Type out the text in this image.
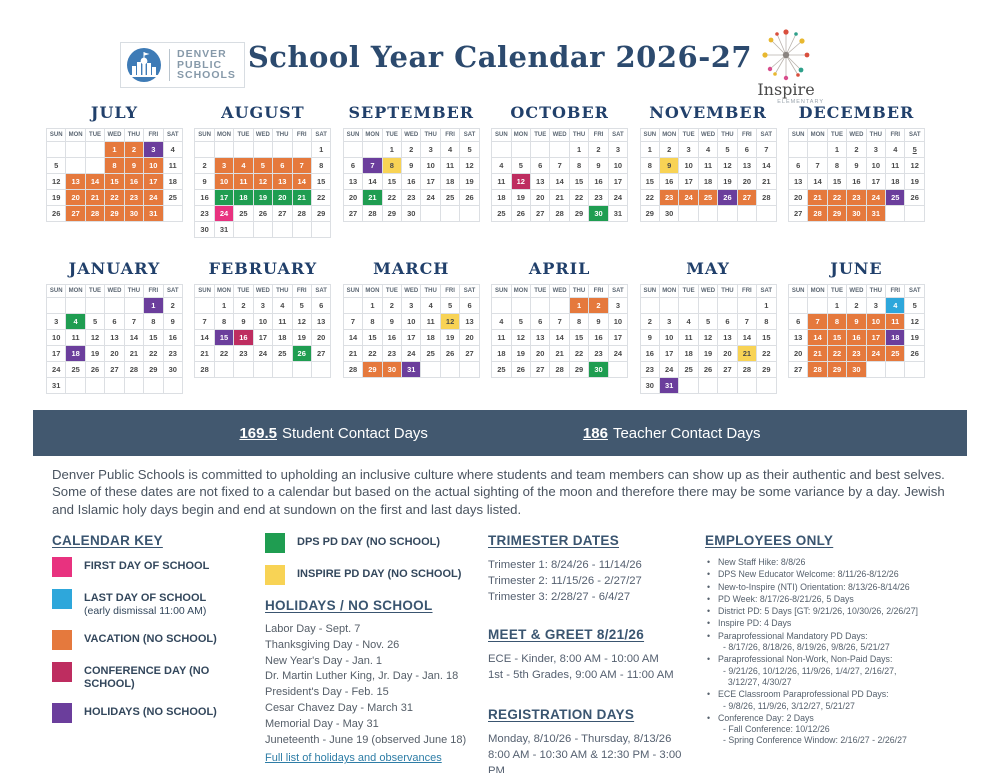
DENVER
PUBLIC
SCHOOLS
School Year Calendar 2026-27
Inspire
ELEMENTARY
JULY
SUN	MON	TUE	WED	THU	FRI	SAT
			1	2	3	4
5			8	9	10	11
12	13	14	15	16	17	18
19	20	21	22	23	24	25
26	27	28	29	30	31	
AUGUST
SUN	MON	TUE	WED	THU	FRI	SAT
						1
2	3	4	5	6	7	8
9	10	11	12	13	14	15
16	17	18	19	20	21	22
23	24	25	26	27	28	29
30	31					
SEPTEMBER
SUN	MON	TUE	WED	THU	FRI	SAT
		1	2	3	4	5
6	7	8	9	10	11	12
13	14	15	16	17	18	19
20	21	22	23	24	25	26
27	28	29	30			
OCTOBER
SUN	MON	TUE	WED	THU	FRI	SAT
				1	2	3
4	5	6	7	8	9	10
11	12	13	14	15	16	17
18	19	20	21	22	23	24
25	26	27	28	29	30	31
NOVEMBER
SUN	MON	TUE	WED	THU	FRI	SAT
1	2	3	4	5	6	7
8	9	10	11	12	13	14
15	16	17	18	19	20	21
22	23	24	25	26	27	28
29	30					
DECEMBER
SUN	MON	TUE	WED	THU	FRI	SAT
		1	2	3	4	5
6	7	8	9	10	11	12
13	14	15	16	17	18	19
20	21	22	23	24	25	26
27	28	29	30	31		
JANUARY
SUN	MON	TUE	WED	THU	FRI	SAT
					1	2
3	4	5	6	7	8	9
10	11	12	13	14	15	16
17	18	19	20	21	22	23
24	25	26	27	28	29	30
31						
FEBRUARY
SUN	MON	TUE	WED	THU	FRI	SAT
	1	2	3	4	5	6
7	8	9	10	11	12	13
14	15	16	17	18	19	20
21	22	23	24	25	26	27
28						
MARCH
SUN	MON	TUE	WED	THU	FRI	SAT
	1	2	3	4	5	6
7	8	9	10	11	12	13
14	15	16	17	18	19	20
21	22	23	24	25	26	27
28	29	30	31			
APRIL
SUN	MON	TUE	WED	THU	FRI	SAT
				1	2	3
4	5	6	7	8	9	10
11	12	13	14	15	16	17
18	19	20	21	22	23	24
25	26	27	28	29	30	
MAY
SUN	MON	TUE	WED	THU	FRI	SAT
						1
2	3	4	5	6	7	8
9	10	11	12	13	14	15
16	17	18	19	20	21	22
23	24	25	26	27	28	29
30	31					
JUNE
SUN	MON	TUE	WED	THU	FRI	SAT
		1	2	3	4	5
6	7	8	9	10	11	12
13	14	15	16	17	18	19
20	21	22	23	24	25	26
27	28	29	30			
169.5 Student Contact Days	186 Teacher Contact Days

Denver Public Schools is committed to upholding an inclusive culture where students and team members can show up as their authentic and best selves. Some of these dates are not fixed to a calendar but based on the actual sighting of the moon and therefore there may be some variance by a day. Jewish and Islamic holy days begin and end at sundown on the first and last days listed.

CALENDAR KEY
FIRST DAY OF SCHOOL
LAST DAY OF SCHOOL
(early dismissal 11:00 AM)
VACATION (NO SCHOOL)
CONFERENCE DAY (NO SCHOOL)
HOLIDAYS (NO SCHOOL)
DPS PD DAY (NO SCHOOL)
INSPIRE PD DAY (NO SCHOOL)
HOLIDAYS / NO SCHOOL
Labor Day - Sept. 7
Thanksgiving Day - Nov. 26
New Year's Day - Jan. 1
Dr. Martin Luther King, Jr. Day - Jan. 18
President's Day - Feb. 15
Cesar Chavez Day - March 31
Memorial Day - May 31
Juneteenth - June 19 (observed June 18)
Full list of holidays and observances
TRIMESTER DATES
Trimester 1: 8/24/26 - 11/14/26
Trimester 2: 11/15/26 - 2/27/27
Trimester 3: 2/28/27 - 6/4/27
MEET & GREET 8/21/26
ECE - Kinder, 8:00 AM - 10:00 AM
1st - 5th Grades, 9:00 AM - 11:00 AM
REGISTRATION DAYS
Monday, 8/10/26 - Thursday, 8/13/26
8:00 AM - 10:30 AM & 12:30 PM - 3:00 PM
EMPLOYEES ONLY
• New Staff Hike: 8/8/26
• DPS New Educator Welcome: 8/11/26-8/12/26
• New-to-Inspire (NTI) Orientation: 8/13/26-8/14/26
• PD Week: 8/17/26-8/21/26, 5 Days
• District PD: 5 Days [GT: 9/21/26, 10/30/26, 2/26/27]
• Inspire PD: 4 Days
• Paraprofessional Mandatory PD Days:
- 8/17/26, 8/18/26, 8/19/26, 9/8/26, 5/21/27
• Paraprofessional Non-Work, Non-Paid Days:
- 9/21/26, 10/12/26, 11/9/26, 1/4/27, 2/16/27,
3/12/27, 4/30/27
• ECE Classroom Paraprofessional PD Days:
- 9/8/26, 11/9/26, 3/12/27, 5/21/27
• Conference Day: 2 Days
- Fall Conference: 10/12/26
- Spring Conference Window: 2/16/27 - 2/26/27
